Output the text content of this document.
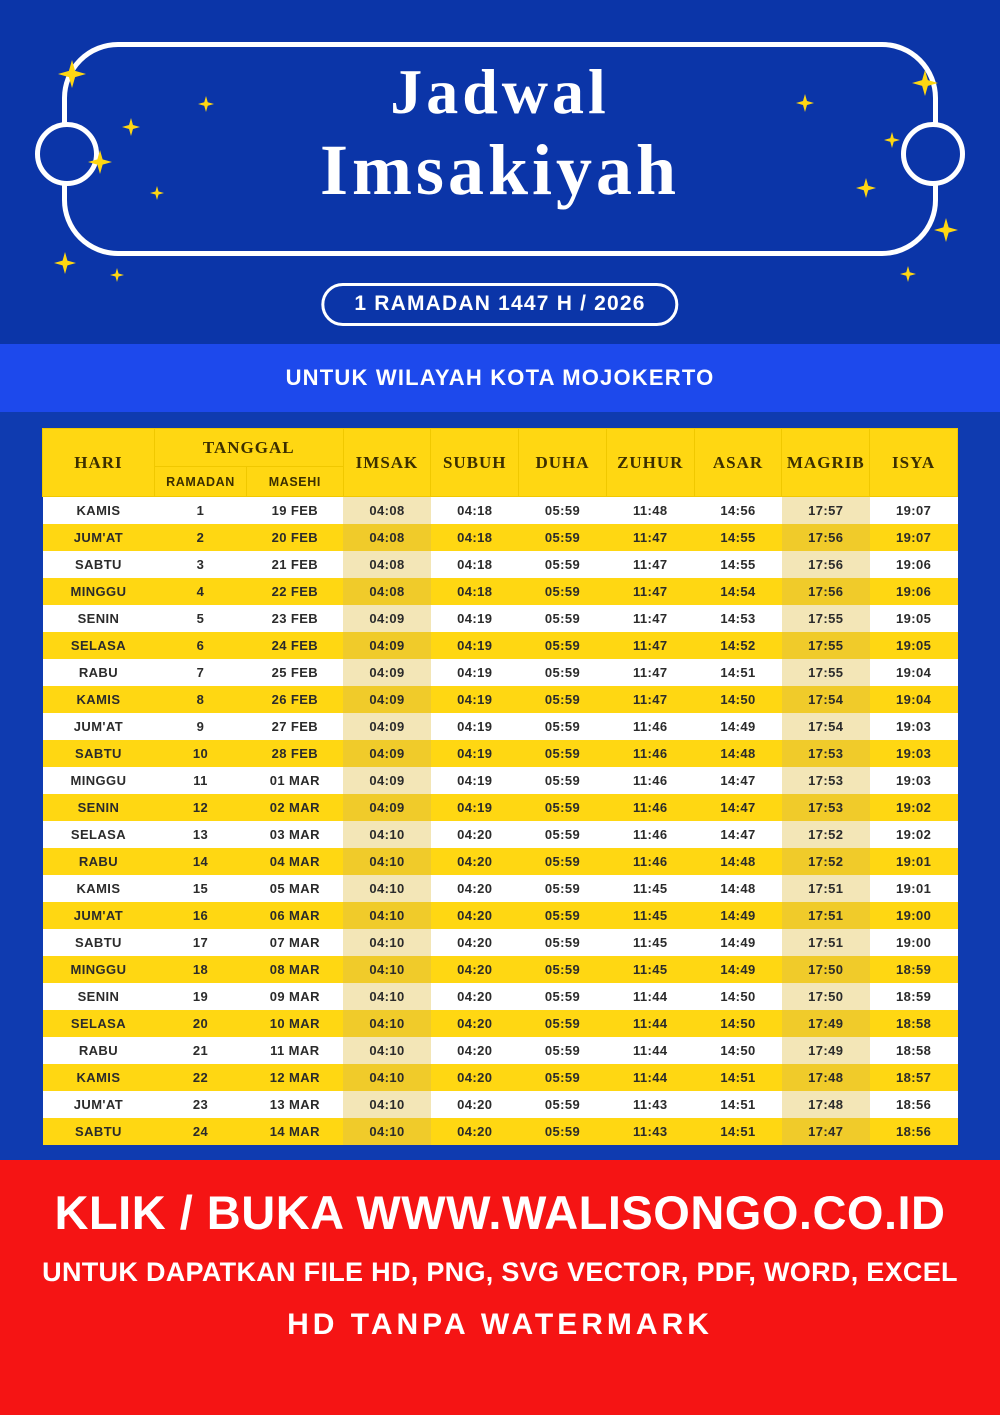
Jadwal
Imsakiyah
1 RAMADAN 1447 H / 2026
UNTUK WILAYAH KOTA MOJOKERTO
HARI	TANGGAL		IMSAK	SUBUH	DUHA	ZUHUR	ASAR	MAGRIB	ISYA
	RAMADAN	MASEHI							
KAMIS	1	19 FEB	04:08	04:18	05:59	11:48	14:56	17:57	19:07
JUM'AT	2	20 FEB	04:08	04:18	05:59	11:47	14:55	17:56	19:07
SABTU	3	21 FEB	04:08	04:18	05:59	11:47	14:55	17:56	19:06
MINGGU	4	22 FEB	04:08	04:18	05:59	11:47	14:54	17:56	19:06
SENIN	5	23 FEB	04:09	04:19	05:59	11:47	14:53	17:55	19:05
SELASA	6	24 FEB	04:09	04:19	05:59	11:47	14:52	17:55	19:05
RABU	7	25 FEB	04:09	04:19	05:59	11:47	14:51	17:55	19:04
KAMIS	8	26 FEB	04:09	04:19	05:59	11:47	14:50	17:54	19:04
JUM'AT	9	27 FEB	04:09	04:19	05:59	11:46	14:49	17:54	19:03
SABTU	10	28 FEB	04:09	04:19	05:59	11:46	14:48	17:53	19:03
MINGGU	11	01 MAR	04:09	04:19	05:59	11:46	14:47	17:53	19:03
SENIN	12	02 MAR	04:09	04:19	05:59	11:46	14:47	17:53	19:02
SELASA	13	03 MAR	04:10	04:20	05:59	11:46	14:47	17:52	19:02
RABU	14	04 MAR	04:10	04:20	05:59	11:46	14:48	17:52	19:01
KAMIS	15	05 MAR	04:10	04:20	05:59	11:45	14:48	17:51	19:01
JUM'AT	16	06 MAR	04:10	04:20	05:59	11:45	14:49	17:51	19:00
SABTU	17	07 MAR	04:10	04:20	05:59	11:45	14:49	17:51	19:00
MINGGU	18	08 MAR	04:10	04:20	05:59	11:45	14:49	17:50	18:59
SENIN	19	09 MAR	04:10	04:20	05:59	11:44	14:50	17:50	18:59
SELASA	20	10 MAR	04:10	04:20	05:59	11:44	14:50	17:49	18:58
RABU	21	11 MAR	04:10	04:20	05:59	11:44	14:50	17:49	18:58
KAMIS	22	12 MAR	04:10	04:20	05:59	11:44	14:51	17:48	18:57
JUM'AT	23	13 MAR	04:10	04:20	05:59	11:43	14:51	17:48	18:56
SABTU	24	14 MAR	04:10	04:20	05:59	11:43	14:51	17:47	18:56
KLIK / BUKA WWW.WALISONGO.CO.ID
UNTUK DAPATKAN FILE HD, PNG, SVG VECTOR, PDF, WORD, EXCEL
HD TANPA WATERMARK
